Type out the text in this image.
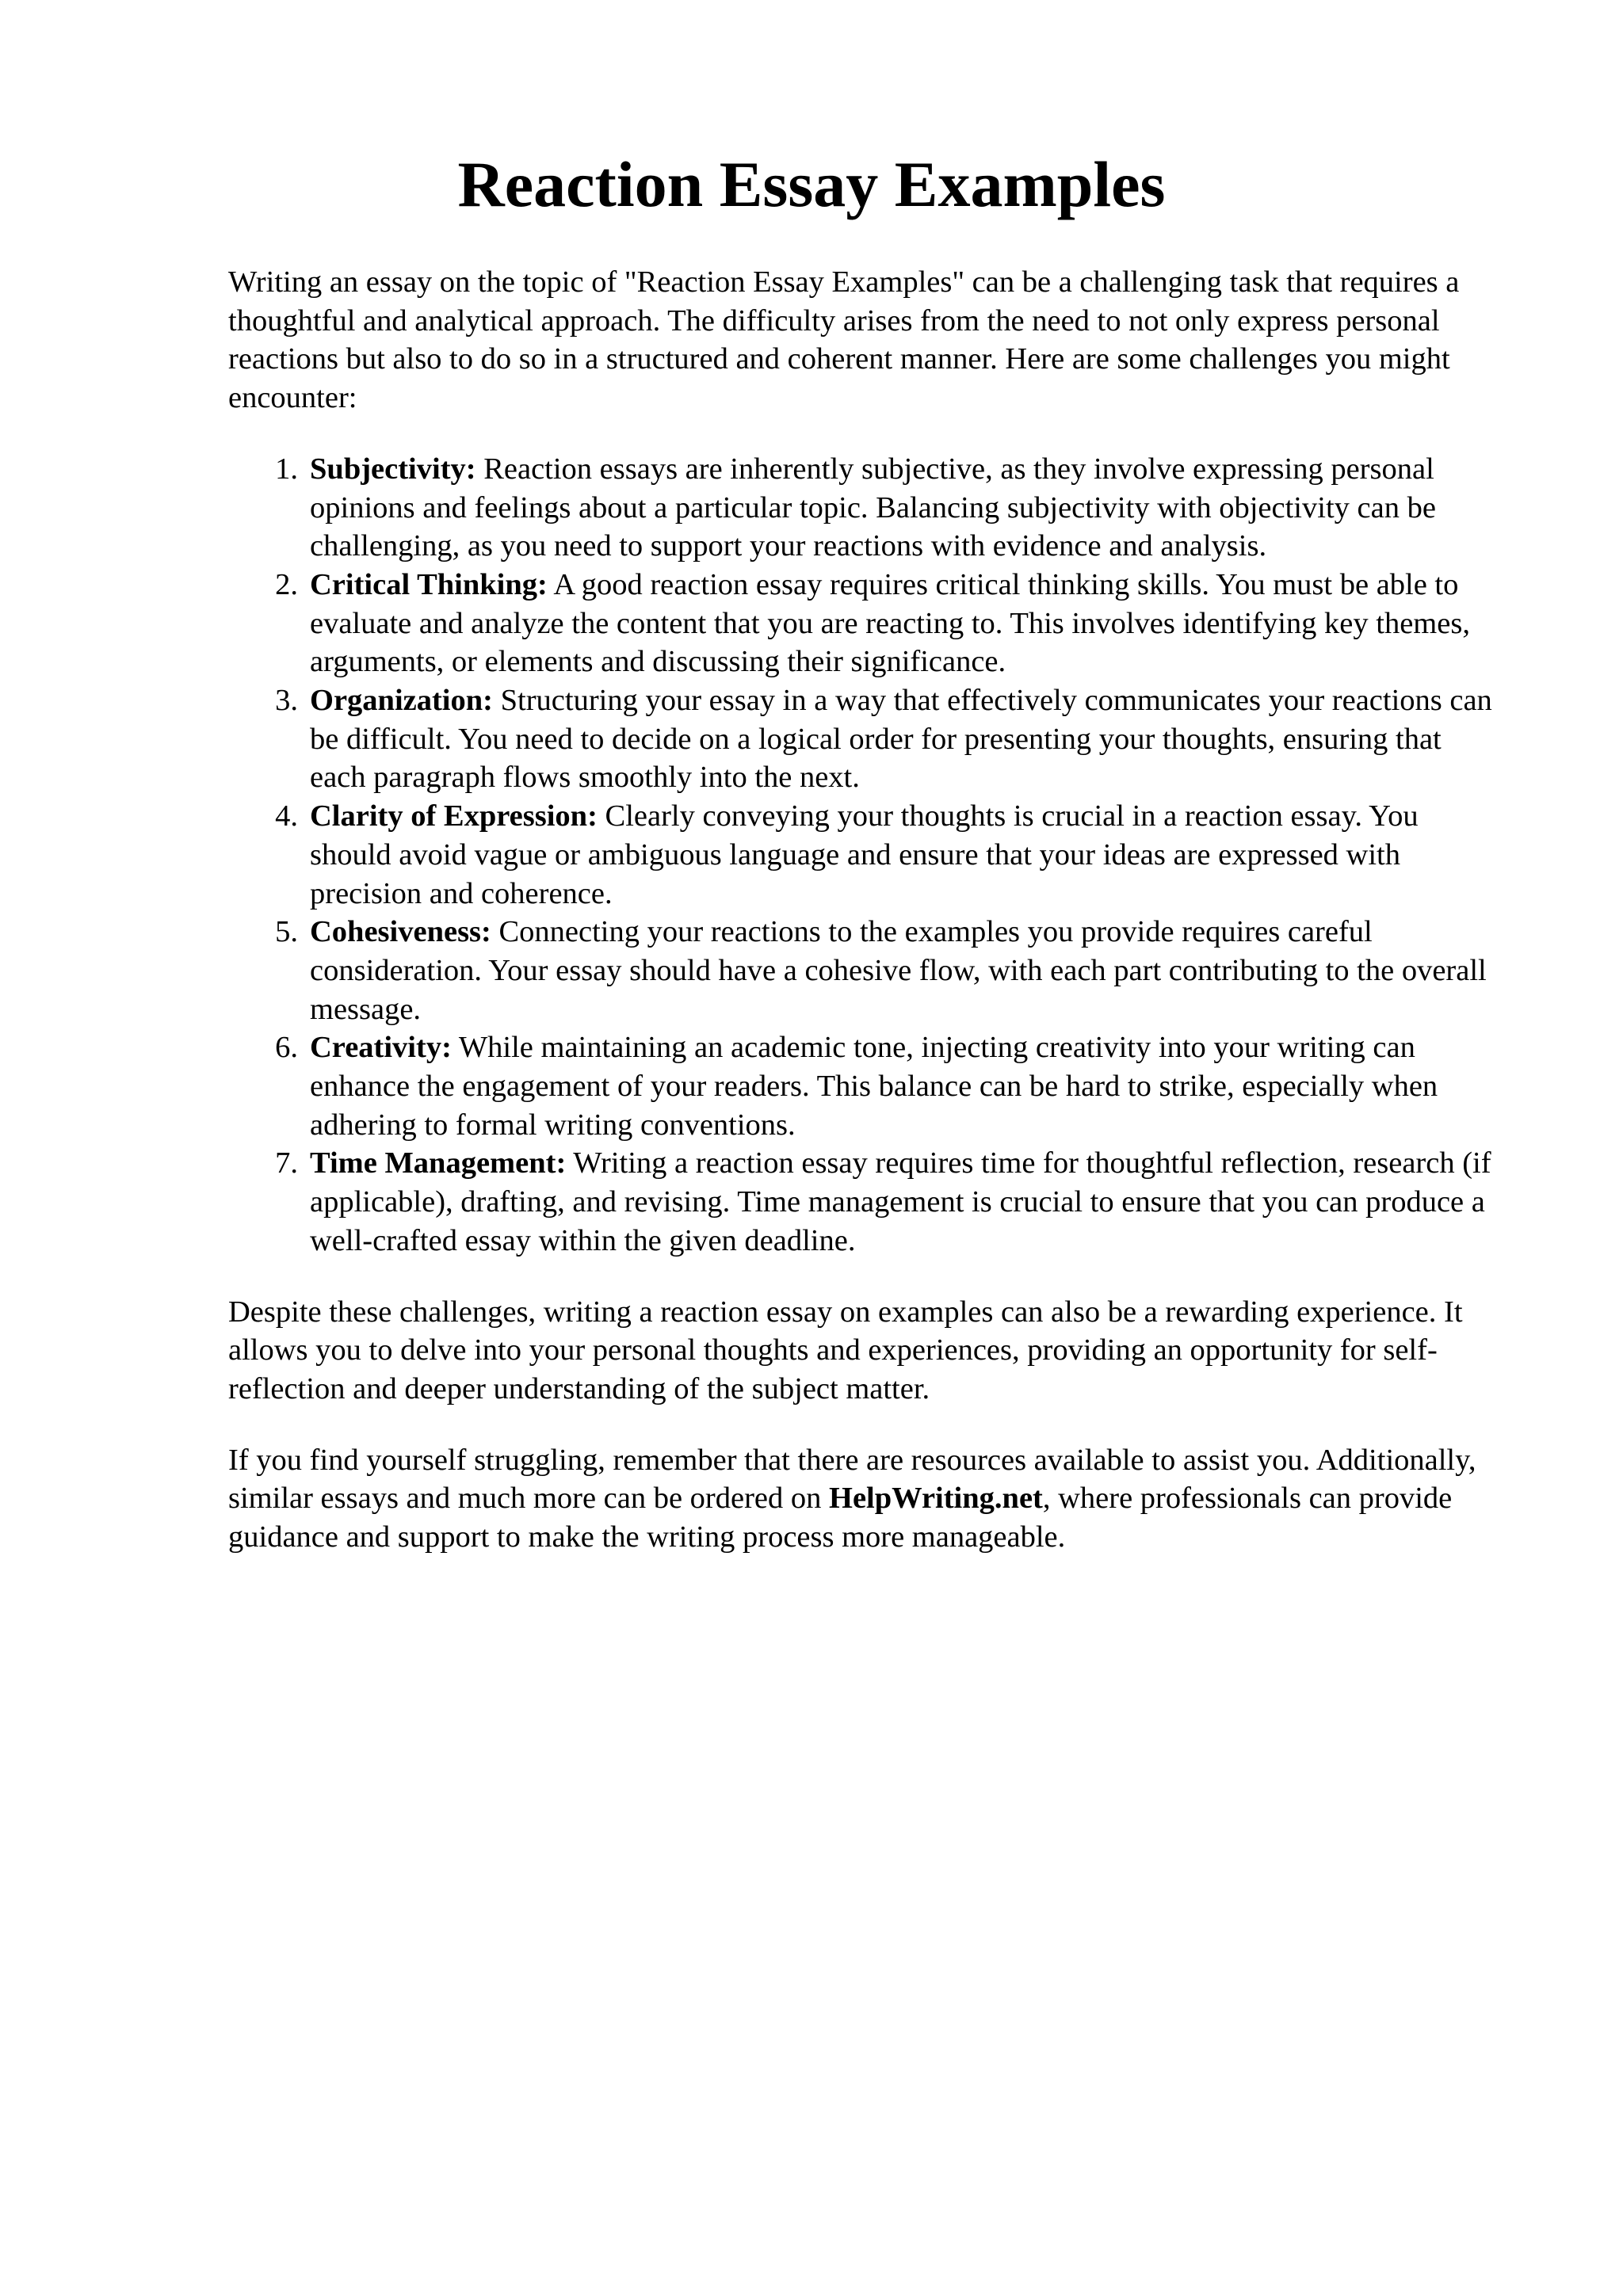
Reaction Essay Examples

Writing an essay on the topic of "Reaction Essay Examples" can be a challenging task that requires a thoughtful and analytical approach. The difficulty arises from the need to not only express personal reactions but also to do so in a structured and coherent manner. Here are some challenges you might encounter:

1. Subjectivity: Reaction essays are inherently subjective, as they involve expressing personal opinions and feelings about a particular topic. Balancing subjectivity with objectivity can be challenging, as you need to support your reactions with evidence and analysis.
2. Critical Thinking: A good reaction essay requires critical thinking skills. You must be able to evaluate and analyze the content that you are reacting to. This involves identifying key themes, arguments, or elements and discussing their significance.
3. Organization: Structuring your essay in a way that effectively communicates your reactions can be difficult. You need to decide on a logical order for presenting your thoughts, ensuring that each paragraph flows smoothly into the next.
4. Clarity of Expression: Clearly conveying your thoughts is crucial in a reaction essay. You should avoid vague or ambiguous language and ensure that your ideas are expressed with precision and coherence.
5. Cohesiveness: Connecting your reactions to the examples you provide requires careful consideration. Your essay should have a cohesive flow, with each part contributing to the overall message.
6. Creativity: While maintaining an academic tone, injecting creativity into your writing can enhance the engagement of your readers. This balance can be hard to strike, especially when adhering to formal writing conventions.
7. Time Management: Writing a reaction essay requires time for thoughtful reflection, research (if applicable), drafting, and revising. Time management is crucial to ensure that you can produce a well-crafted essay within the given deadline.

Despite these challenges, writing a reaction essay on examples can also be a rewarding experience. It allows you to delve into your personal thoughts and experiences, providing an opportunity for self-reflection and deeper understanding of the subject matter.

If you find yourself struggling, remember that there are resources available to assist you. Additionally, similar essays and much more can be ordered on HelpWriting.net, where professionals can provide guidance and support to make the writing process more manageable.
